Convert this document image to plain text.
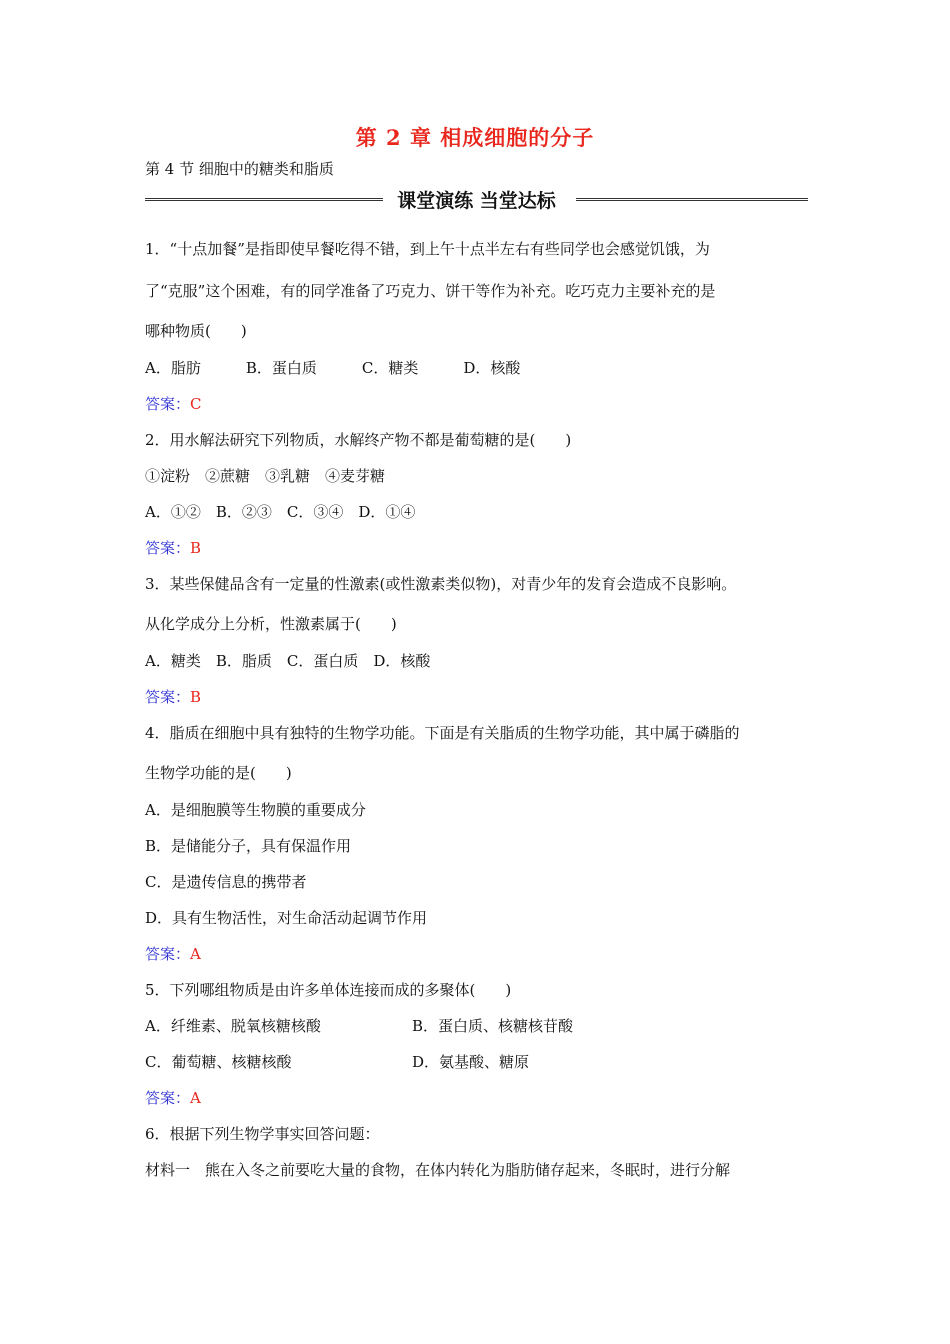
第 2 章 相成细胞的分子
第 4 节 细胞中的糖类和脂质
课堂演练 当堂达标
1．“十点加餐”是指即使早餐吃得不错，到上午十点半左右有些同学也会感觉饥饿，为
了“克服”这个困难，有的同学准备了巧克力、饼干等作为补充。吃巧克力主要补充的是
哪种物质(　　)
A．脂肪　　　B．蛋白质　　　C．糖类　　　D．核酸
答案：C
2．用水解法研究下列物质，水解终产物不都是葡萄糖的是(　　)
①淀粉　②蔗糖　③乳糖　④麦芽糖
A．①②　B．②③　C．③④　D．①④
答案：B
3．某些保健品含有一定量的性激素(或性激素类似物)，对青少年的发育会造成不良影响。
从化学成分上分析，性激素属于(　　)
A．糖类　B．脂质　C．蛋白质　D．核酸
答案：B
4．脂质在细胞中具有独特的生物学功能。下面是有关脂质的生物学功能，其中属于磷脂的
生物学功能的是(　　)
A．是细胞膜等生物膜的重要成分
B．是储能分子，具有保温作用
C．是遗传信息的携带者
D．具有生物活性，对生命活动起调节作用
答案：A
5．下列哪组物质是由许多单体连接而成的多聚体(　　)
A．纤维素、脱氧核糖核酸	B．蛋白质、核糖核苷酸
C．葡萄糖、核糖核酸	D．氨基酸、糖原
答案：A
6．根据下列生物学事实回答问题：
材料一　熊在入冬之前要吃大量的食物，在体内转化为脂肪储存起来，冬眠时，进行分解
